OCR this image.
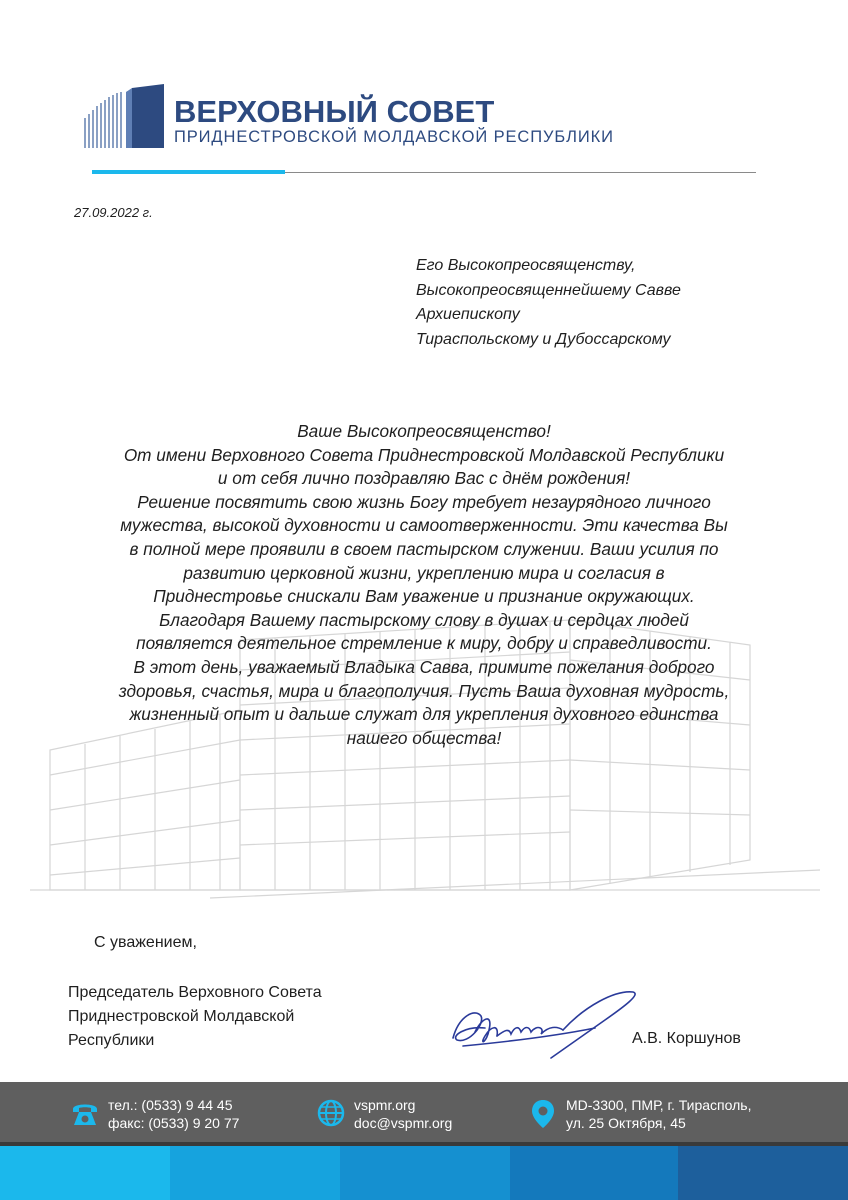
ВЕРХОВНЫЙ СОВЕТ
ПРИДНЕСТРОВСКОЙ МОЛДАВСКОЙ РЕСПУБЛИКИ
27.09.2022 г.
Его Высокопреосвященству,
Высокопреосвященнейшему Савве
Архиепископу
Тираспольскому и Дубоссарскому
Ваше Высокопреосвященство!
От имени Верховного Совета Приднестровской Молдавской Республики
и от себя лично поздравляю Вас с днём рождения!
Решение посвятить свою жизнь Богу требует незаурядного личного
мужества, высокой духовности и самоотверженности. Эти качества Вы
в полной мере проявили в своем пастырском служении. Ваши усилия по
развитию церковной жизни, укреплению мира и согласия в
Приднестровье снискали Вам уважение и признание окружающих.
Благодаря Вашему пастырскому слову в душах и сердцах людей
появляется деятельное стремление к миру, добру и справедливости.
В этот день, уважаемый Владыка Савва, примите пожелания доброго
здоровья, счастья, мира и благополучия. Пусть Ваша духовная мудрость,
жизненный опыт и дальше служат для укрепления духовного единства
нашего общества!
С уважением,
Председатель Верховного Совета
Приднестровской Молдавской
Республики	А.В. Коршунов
тел.: (0533) 9 44 45
факс: (0533) 9 20 77
vspmr.org
doc@vspmr.org
MD-3300, ПМР, г. Тирасполь,
ул. 25 Октября, 45
